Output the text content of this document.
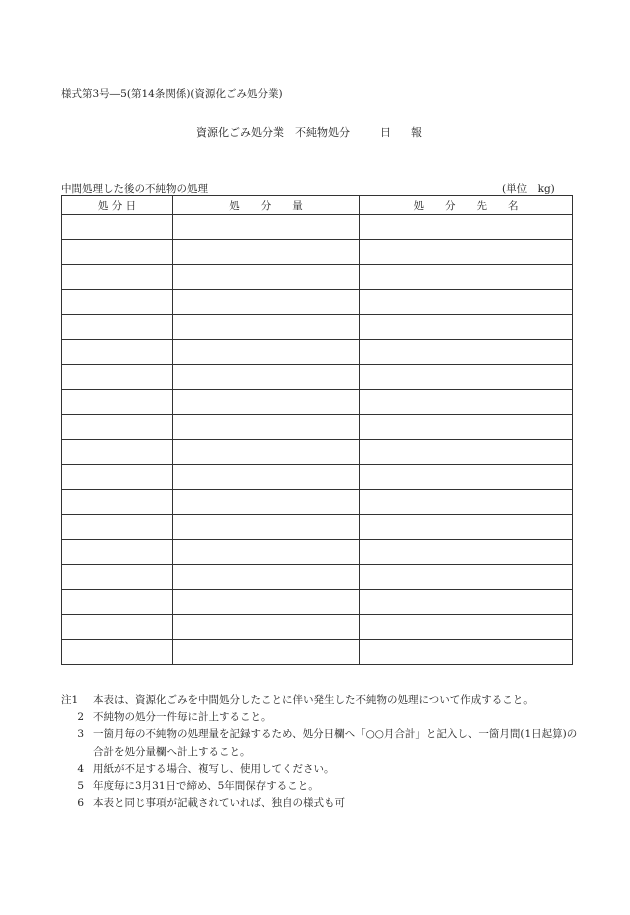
様式第3号―5(第14条関係)(資源化ごみ処分業)
資源化ごみ処分業　不純物処分	日 報
中間処理した後の不純物の処理	(単位　kg)
処 分 日	処　　分　　量	処　　分　　先　　名

注1	本表は、資源化ごみを中間処分したことに伴い発生した不純物の処理について作成すること。
2 不純物の処分一件毎に計上すること。
3 一箇月毎の不純物の処理量を記録するため、処分日欄へ「○○月合計」と記入し、一箇月間(1日起算)の合計を処分量欄へ計上すること。
4 用紙が不足する場合、複写し、使用してください。
5 年度毎に3月31日で締め、5年間保存すること。
6 本表と同じ事項が記載されていれば、独自の様式も可
